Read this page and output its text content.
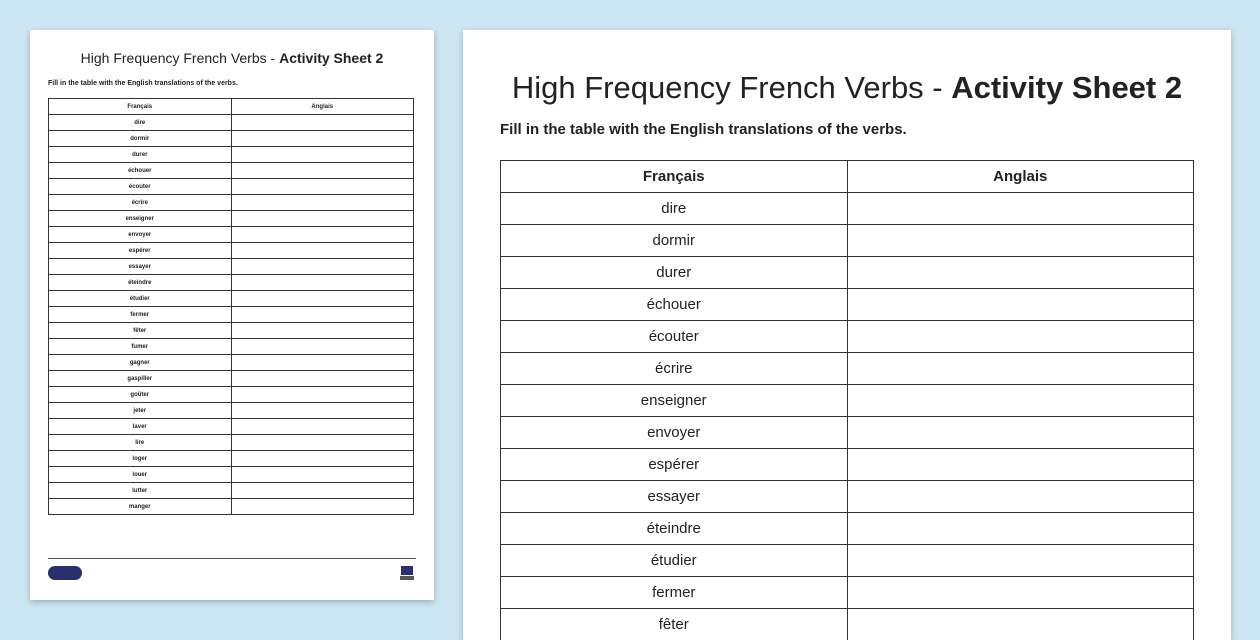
High Frequency French Verbs - Activity Sheet 2
Fill in the table with the English translations of the verbs.
Français	Anglais
dire	
dormir	
durer	
échouer	
écouter	
écrire	
enseigner	
envoyer	
espérer	
essayer	
éteindre	
étudier	
fermer	
fêter	
fumer	
gagner	
gaspiller	
goûter	
jeter	
laver	
lire	
loger	
louer	
lutter	
manger	
High Frequency French Verbs - Activity Sheet 2
Fill in the table with the English translations of the verbs.
Français	Anglais
dire	
dormir	
durer	
échouer	
écouter	
écrire	
enseigner	
envoyer	
espérer	
essayer	
éteindre	
étudier	
fermer	
fêter	
